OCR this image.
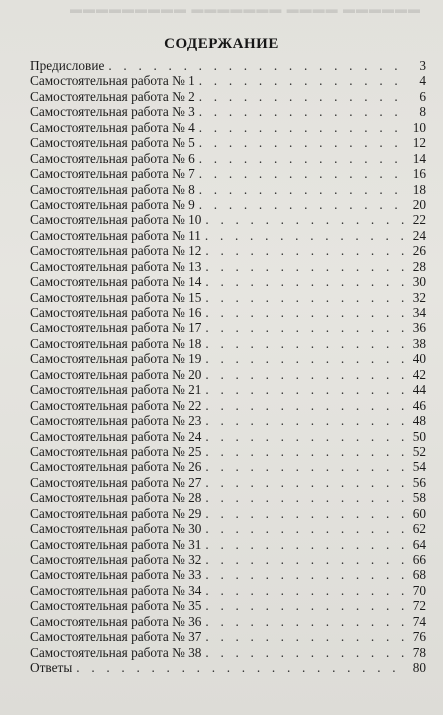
▬▬▬▬▬▬ ▬▬▬▬ ▬▬▬▬▬▬▬ ▬▬▬▬▬▬▬▬▬
СОДЕРЖАНИЕ
Предисловие . . .	3
Самостоятельная работа № 1 . . .	4
Самостоятельная работа № 2 . . .	6
Самостоятельная работа № 3 . . .	8
Самостоятельная работа № 4 . . .	10
Самостоятельная работа № 5 . . .	12
Самостоятельная работа № 6 . . .	14
Самостоятельная работа № 7 . . .	16
Самостоятельная работа № 8 . . .	18
Самостоятельная работа № 9 . . .	20
Самостоятельная работа № 10 . . .	22
Самостоятельная работа № 11 . . .	24
Самостоятельная работа № 12 . . .	26
Самостоятельная работа № 13 . . .	28
Самостоятельная работа № 14 . . .	30
Самостоятельная работа № 15 . . .	32
Самостоятельная работа № 16 . . .	34
Самостоятельная работа № 17 . . .	36
Самостоятельная работа № 18 . . .	38
Самостоятельная работа № 19 . . .	40
Самостоятельная работа № 20 . . .	42
Самостоятельная работа № 21 . . .	44
Самостоятельная работа № 22 . . .	46
Самостоятельная работа № 23 . . .	48
Самостоятельная работа № 24 . . .	50
Самостоятельная работа № 25 . . .	52
Самостоятельная работа № 26 . . .	54
Самостоятельная работа № 27 . . .	56
Самостоятельная работа № 28 . . .	58
Самостоятельная работа № 29 . . .	60
Самостоятельная работа № 30 . . .	62
Самостоятельная работа № 31 . . .	64
Самостоятельная работа № 32 . . .	66
Самостоятельная работа № 33 . . .	68
Самостоятельная работа № 34 . . .	70
Самостоятельная работа № 35 . . .	72
Самостоятельная работа № 36 . . .	74
Самостоятельная работа № 37 . . .	76
Самостоятельная работа № 38 . . .	78
Ответы . . .	80
